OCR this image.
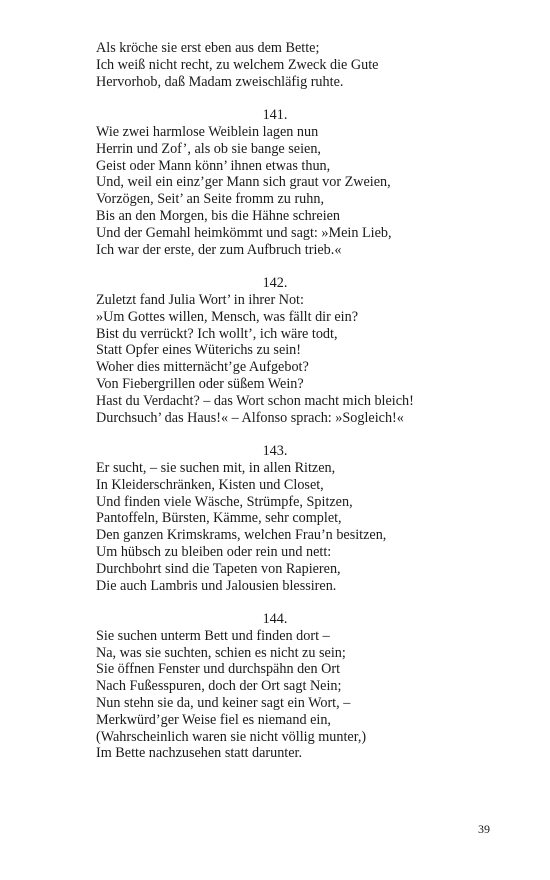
Als kröche sie erst eben aus dem Bette;
Ich weiß nicht recht, zu welchem Zweck die Gute
Hervorhob, daß Madam zweischläfig ruhte.
141.
Wie zwei harmlose Weiblein lagen nun
Herrin und Zof’, als ob sie bange seien,
Geist oder Mann könn’ ihnen etwas thun,
Und, weil ein einz’ger Mann sich graut vor Zweien,
Vorzögen, Seit’ an Seite fromm zu ruhn,
Bis an den Morgen, bis die Hähne schreien
Und der Gemahl heimkömmt und sagt: »Mein Lieb,
Ich war der erste, der zum Aufbruch trieb.«
142.
Zuletzt fand Julia Wort’ in ihrer Not:
»Um Gottes willen, Mensch, was fällt dir ein?
Bist du verrückt? Ich wollt’, ich wäre todt,
Statt Opfer eines Wüterichs zu sein!
Woher dies mitternächt’ge Aufgebot?
Von Fiebergrillen oder süßem Wein?
Hast du Verdacht? – das Wort schon macht mich bleich!
Durchsuch’ das Haus!« – Alfonso sprach: »Sogleich!«
143.
Er sucht, – sie suchen mit, in allen Ritzen,
In Kleiderschränken, Kisten und Closet,
Und finden viele Wäsche, Strümpfe, Spitzen,
Pantoffeln, Bürsten, Kämme, sehr complet,
Den ganzen Krimskrams, welchen Frau’n besitzen,
Um hübsch zu bleiben oder rein und nett:
Durchbohrt sind die Tapeten von Rapieren,
Die auch Lambris und Jalousien blessiren.
144.
Sie suchen unterm Bett und finden dort –
Na, was sie suchten, schien es nicht zu sein;
Sie öffnen Fenster und durchspähn den Ort
Nach Fußesspuren, doch der Ort sagt Nein;
Nun stehn sie da, und keiner sagt ein Wort, –
Merkwürd’ger Weise fiel es niemand ein,
(Wahrscheinlich waren sie nicht völlig munter,)
Im Bette nachzusehen statt darunter.
39
